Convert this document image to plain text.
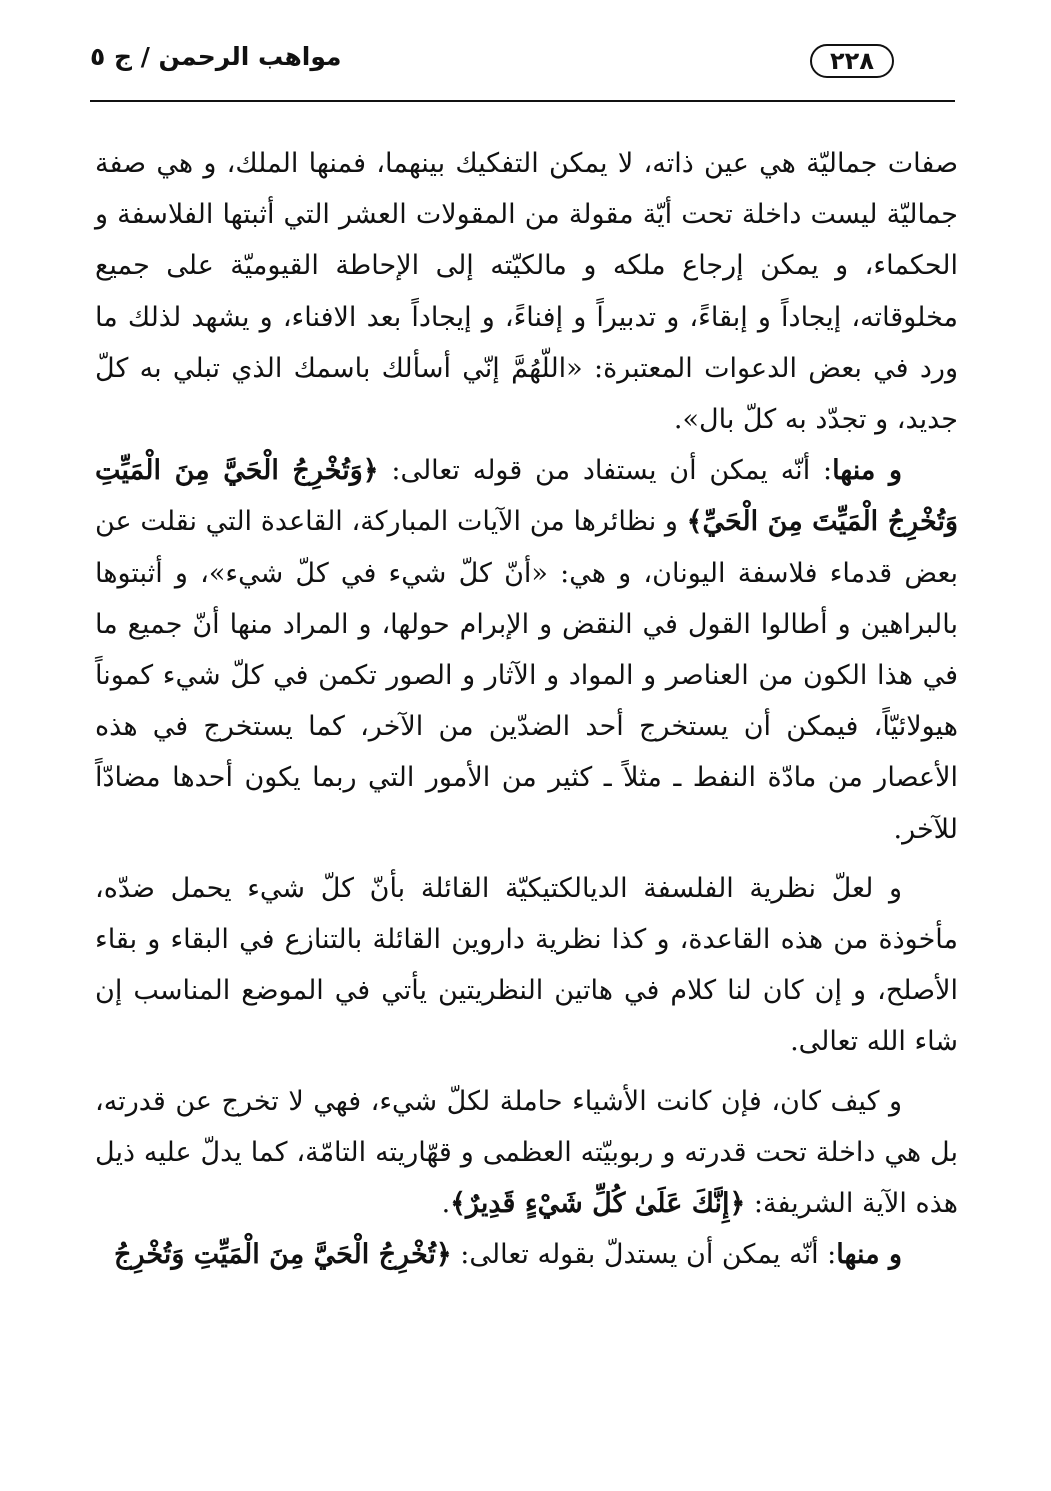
مواهب الرحمن / ج ٥	٢٢٨

صفات جماليّة هي عين ذاته، لا يمكن التفكيك بينهما، فمنها الملك، و هي صفة جماليّة ليست داخلة تحت أيّة مقولة من المقولات العشر التي أثبتها الفلاسفة و الحكماء، و يمكن إرجاع ملكه و مالكيّته إلى الإحاطة القيوميّة على جميع مخلوقاته، إيجاداً و إبقاءً، و تدبيراً و إفناءً، و إيجاداً بعد الافناء، و يشهد لذلك ما ورد في بعض الدعوات المعتبرة: «اللّهُمَّ إنّي أسألك باسمك الذي تبلي به كلّ جديد، و تجدّد به كلّ بال».

و منها: أنّه يمكن أن يستفاد من قوله تعالى: ﴿وَتُخْرِجُ الْحَيَّ مِنَ الْمَيِّتِ وَتُخْرِجُ الْمَيِّتَ مِنَ الْحَيِّ﴾ و نظائرها من الآيات المباركة، القاعدة التي نقلت عن بعض قدماء فلاسفة اليونان، و هي: «أنّ كلّ شيء في كلّ شيء»، و أثبتوها بالبراهين و أطالوا القول في النقض و الإبرام حولها، و المراد منها أنّ جميع ما في هذا الكون من العناصر و المواد و الآثار و الصور تكمن في كلّ شيء كموناً هيولائيّاً، فيمكن أن يستخرج أحد الضدّين من الآخر، كما يستخرج في هذه الأعصار من مادّة النفط ـ مثلاً ـ كثير من الأمور التي ربما يكون أحدها مضادّاً للآخر.

و لعلّ نظرية الفلسفة الديالكتيكيّة القائلة بأنّ كلّ شيء يحمل ضدّه، مأخوذة من هذه القاعدة، و كذا نظرية داروين القائلة بالتنازع في البقاء و بقاء الأصلح، و إن كان لنا كلام في هاتين النظريتين يأتي في الموضع المناسب إن شاء الله تعالى.

و كيف كان، فإن كانت الأشياء حاملة لكلّ شيء، فهي لا تخرج عن قدرته، بل هي داخلة تحت قدرته و ربوبيّته العظمى و قهّاريته التامّة، كما يدلّ عليه ذيل هذه الآية الشريفة: ﴿إِنَّكَ عَلَىٰ كُلِّ شَيْءٍ قَدِيرٌ﴾.

و منها: أنّه يمكن أن يستدلّ بقوله تعالى: ﴿تُخْرِجُ الْحَيَّ مِنَ الْمَيِّتِ وَتُخْرِجُ
